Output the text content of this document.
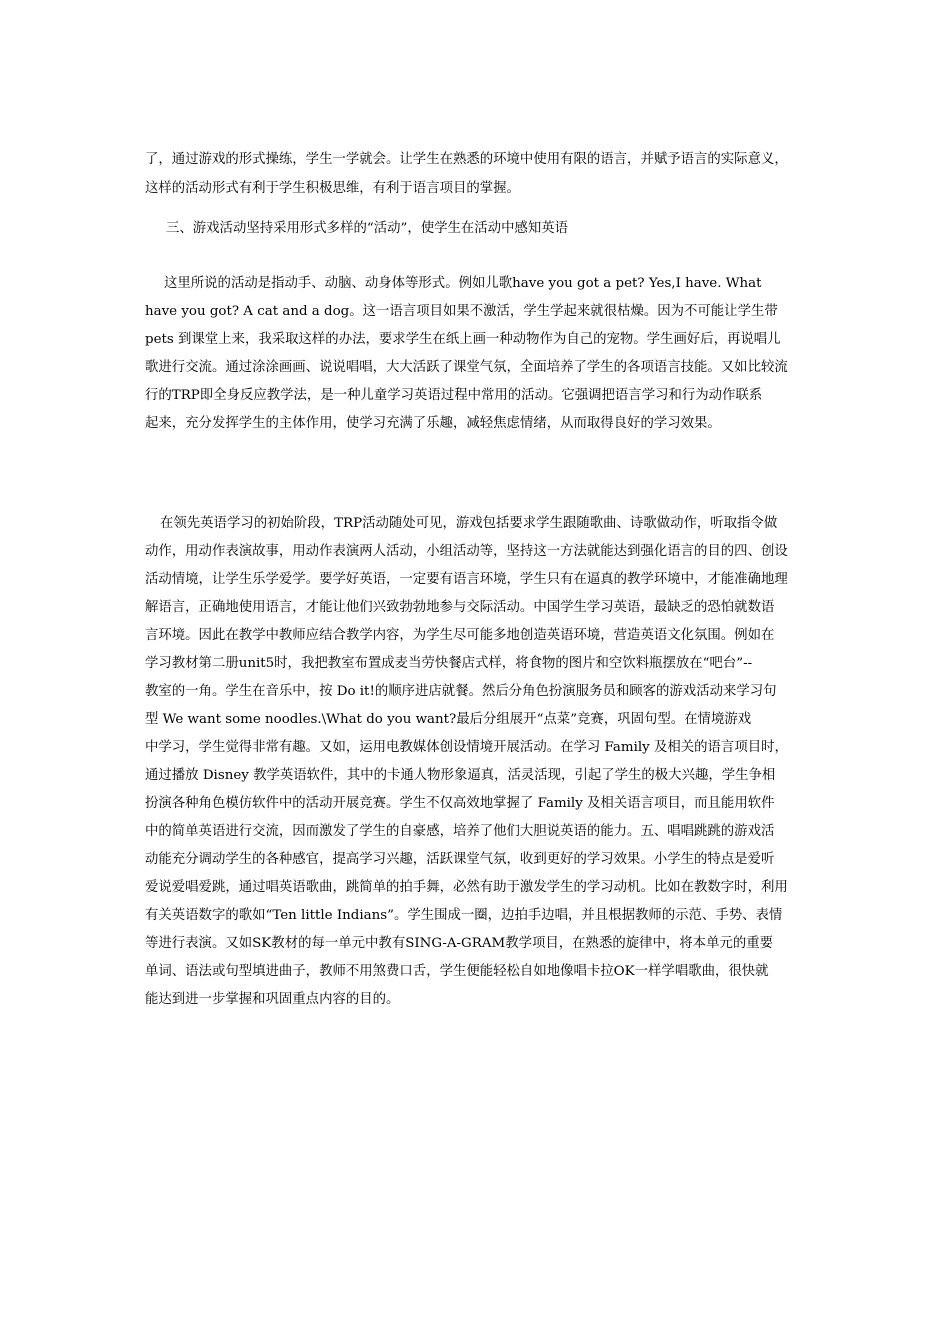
了，通过游戏的形式操练，学生一学就会。让学生在熟悉的环境中使用有限的语言，并赋予语言的实际意义，
这样的活动形式有利于学生积极思维，有利于语言项目的掌握。

三、游戏活动坚持采用形式多样的“活动”，使学生在活动中感知英语

这里所说的活动是指动手、动脑、动身体等形式。例如儿歌have you got a pet? Yes,I have. What
have you got? A cat and a dog。这一语言项目如果不激活，学生学起来就很枯燥。因为不可能让学生带
pets 到课堂上来，我采取这样的办法，要求学生在纸上画一种动物作为自己的宠物。学生画好后，再说唱儿
歌进行交流。通过涂涂画画、说说唱唱，大大活跃了课堂气氛，全面培养了学生的各项语言技能。又如比较流
行的TRP即全身反应教学法，是一种儿童学习英语过程中常用的活动。它强调把语言学习和行为动作联系
起来，充分发挥学生的主体作用，使学习充满了乐趣，减轻焦虑情绪，从而取得良好的学习效果。

在领先英语学习的初始阶段，TRP活动随处可见，游戏包括要求学生跟随歌曲、诗歌做动作，听取指令做
动作，用动作表演故事，用动作表演两人活动，小组活动等，坚持这一方法就能达到强化语言的目的四、创设
活动情境，让学生乐学爱学。要学好英语，一定要有语言环境，学生只有在逼真的教学环境中，才能准确地理
解语言，正确地使用语言，才能让他们兴致勃勃地参与交际活动。中国学生学习英语，最缺乏的恐怕就数语
言环境。因此在教学中教师应结合教学内容，为学生尽可能多地创造英语环境，营造英语文化氛围。例如在
学习教材第二册unit5时，我把教室布置成麦当劳快餐店式样，将食物的图片和空饮料瓶摆放在“吧台”--
教室的一角。学生在音乐中，按 Do it!的顺序进店就餐。然后分角色扮演服务员和顾客的游戏活动来学习句
型 We want some noodles.\What do you want?最后分组展开“点菜”竞赛，巩固句型。在情境游戏
中学习，学生觉得非常有趣。又如，运用电教媒体创设情境开展活动。在学习 Family 及相关的语言项目时，
通过播放 Disney 教学英语软件，其中的卡通人物形象逼真，活灵活现，引起了学生的极大兴趣，学生争相
扮演各种角色模仿软件中的活动开展竞赛。学生不仅高效地掌握了 Family 及相关语言项目，而且能用软件
中的简单英语进行交流，因而激发了学生的自豪感，培养了他们大胆说英语的能力。五、唱唱跳跳的游戏活
动能充分调动学生的各种感官，提高学习兴趣，活跃课堂气氛，收到更好的学习效果。小学生的特点是爱听
爱说爱唱爱跳，通过唱英语歌曲，跳简单的拍手舞，必然有助于激发学生的学习动机。比如在教数字时，利用
有关英语数字的歌如“Ten little Indians”。学生围成一圈，边拍手边唱，并且根据教师的示范、手势、表情
等进行表演。又如SK教材的每一单元中教有SING-A-GRAM教学项目，在熟悉的旋律中，将本单元的重要
单词、语法或句型填进曲子，教师不用煞费口舌，学生便能轻松自如地像唱卡拉OK一样学唱歌曲，很快就
能达到进一步掌握和巩固重点内容的目的。
